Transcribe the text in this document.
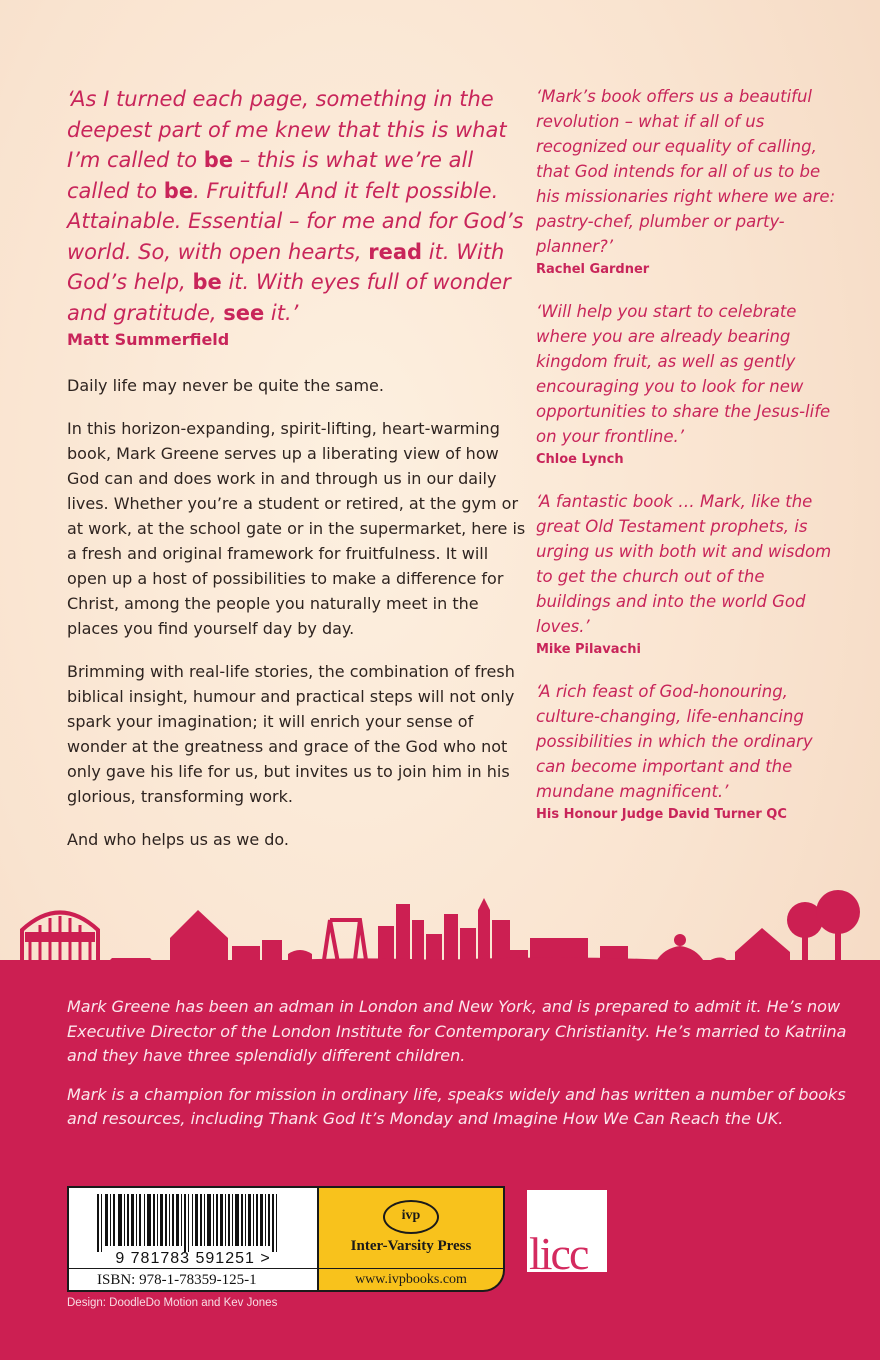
‘As I turned each page, something in the deepest part of me knew that this is what I’m called to be – this is what we’re all called to be. Fruitful! And it felt possible. Attainable. Essential – for me and for God’s world. So, with open hearts, read it. With God’s help, be it. With eyes full of wonder and gratitude, see it.’

Matt Summerfield

Daily life may never be quite the same.

In this horizon-expanding, spirit-lifting, heart-warming book, Mark Greene serves up a liberating view of how God can and does work in and through us in our daily lives. Whether you’re a student or retired, at the gym or at work, at the school gate or in the supermarket, here is a fresh and original framework for fruitfulness. It will open up a host of possibilities to make a difference for Christ, among the people you naturally meet in the places you find yourself day by day.

Brimming with real-life stories, the combination of fresh biblical insight, humour and practical steps will not only spark your imagination; it will enrich your sense of wonder at the greatness and grace of the God who not only gave his life for us, but invites us to join him in his glorious, transforming work.

And who helps us as we do.

‘Mark’s book offers us a beautiful revolution – what if all of us recognized our equality of calling, that God intends for all of us to be his missionaries right where we are: pastry-chef, plumber or party-planner?’

Rachel Gardner

‘Will help you start to celebrate where you are already bearing kingdom fruit, as well as gently encouraging you to look for new opportunities to share the Jesus-life on your frontline.’

Chloe Lynch

‘A fantastic book … Mark, like the great Old Testament prophets, is urging us with both wit and wisdom to get the church out of the buildings and into the world God loves.’

Mike Pilavachi

‘A rich feast of God-honouring, culture-changing, life-enhancing possibilities in which the ordinary can become important and the mundane magnificent.’

His Honour Judge David Turner QC

Mark Greene has been an adman in London and New York, and is prepared to admit it. He’s now Executive Director of the London Institute for Contemporary Christianity. He’s married to Katriina and they have three splendidly different children.

Mark is a champion for mission in ordinary life, speaks widely and has written a number of books and resources, including Thank God It’s Monday and Imagine How We Can Reach the UK.

9 781783 591251 >
ISBN: 978-1-78359-125-1
ivp
Inter-Varsity Press
www.ivpbooks.com
licc
Design: DoodleDo Motion and Kev Jones
